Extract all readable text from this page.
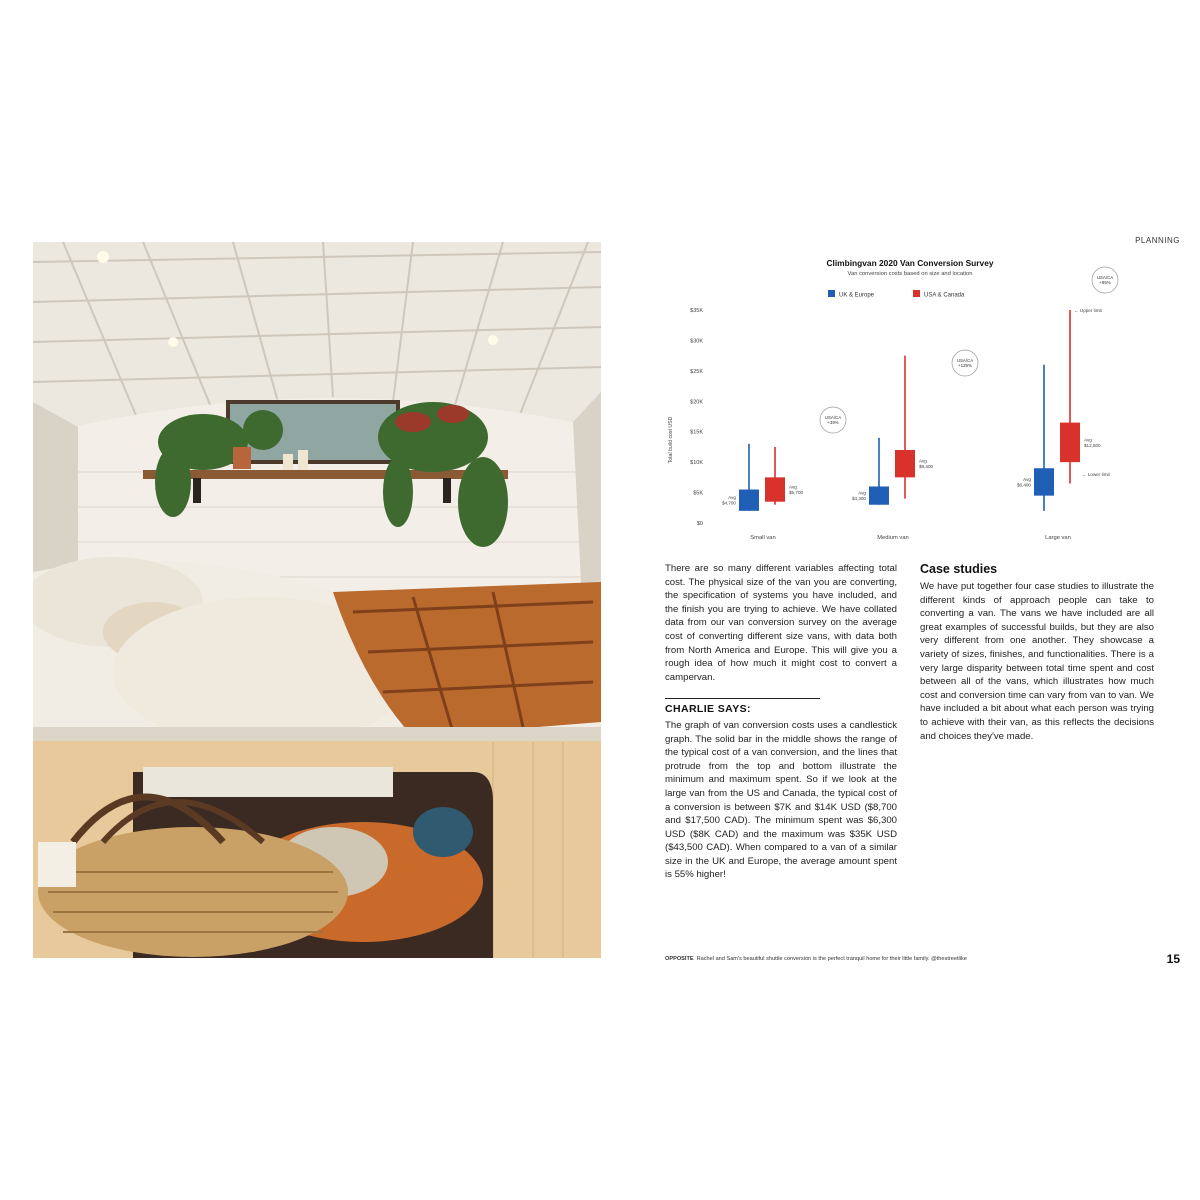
PLANNING
Climbingvan 2020 Van Conversion Survey
Van conversion costs based on size and location
UK & Europe	USA & Canada
Total build cost USD
$0
$5K
$10K
$15K
$20K
$25K
$30K
$35K
Avg $4,700
Avg $4,300
Avg $6,400
Avg $5,700
Avg $9,400
Avg $12,500
Small van	Medium van	Large van
USA/CA +39%
USA/CA +129%
USA/CA +95%
← Upper limit
← Lower limit

There are so many different variables affecting total cost. The physical size of the van you are converting, the specification of systems you have included, and the finish you are trying to achieve. We have collated data from our van conversion survey on the average cost of converting different size vans, with data both from North America and Europe. This will give you a rough idea of how much it might cost to convert a campervan.

CHARLIE SAYS:

The graph of van conversion costs uses a candlestick graph. The solid bar in the middle shows the range of the typical cost of a van conversion, and the lines that protrude from the top and bottom illustrate the minimum and maximum spent. So if we look at the large van from the US and Canada, the typical cost of a conversion is between $7K and $14K USD ($8,700 and $17,500 CAD). The minimum spent was $6,300 USD ($8K CAD) and the maximum was $35K USD ($43,500 CAD). When compared to a van of a similar size in the UK and Europe, the average amount spent is 55% higher!

Case studies

We have put together four case studies to illustrate the different kinds of approach people can take to converting a van. The vans we have included are all great examples of successful builds, but they are also very different from one another. They showcase a variety of sizes, finishes, and functionalities. There is a very large disparity between total time spent and cost between all of the vans, which illustrates how much cost and conversion time can vary from van to van. We have included a bit about what each person was trying to achieve with their van, as this reflects the decisions and choices they've made.

OPPOSITE Rachel and Sam's beautiful shuttle conversion is the perfect tranquil home for their little family. @thestreetlike	15
